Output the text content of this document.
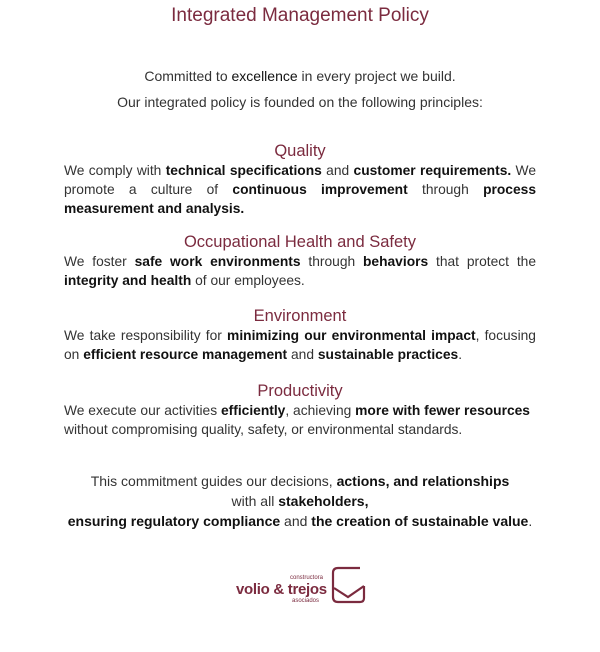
Integrated Management Policy
Committed to excellence in every project we build.
Our integrated policy is founded on the following principles:
Quality

We comply with technical specifications and customer requirements. We promote a culture of continuous improvement through process measurement and analysis.

Occupational Health and Safety

We foster safe work environments through behaviors that protect the integrity and health of our employees.

Environment

We take responsibility for minimizing our environmental impact, focusing on efficient resource management and sustainable practices.

Productivity

We execute our activities efficiently, achieving more with fewer resources without compromising quality, safety, or environmental standards.

This commitment guides our decisions, actions, and relationships
with all stakeholders,
ensuring regulatory compliance and the creation of sustainable value.
constructora
volio & trejos
asociados
